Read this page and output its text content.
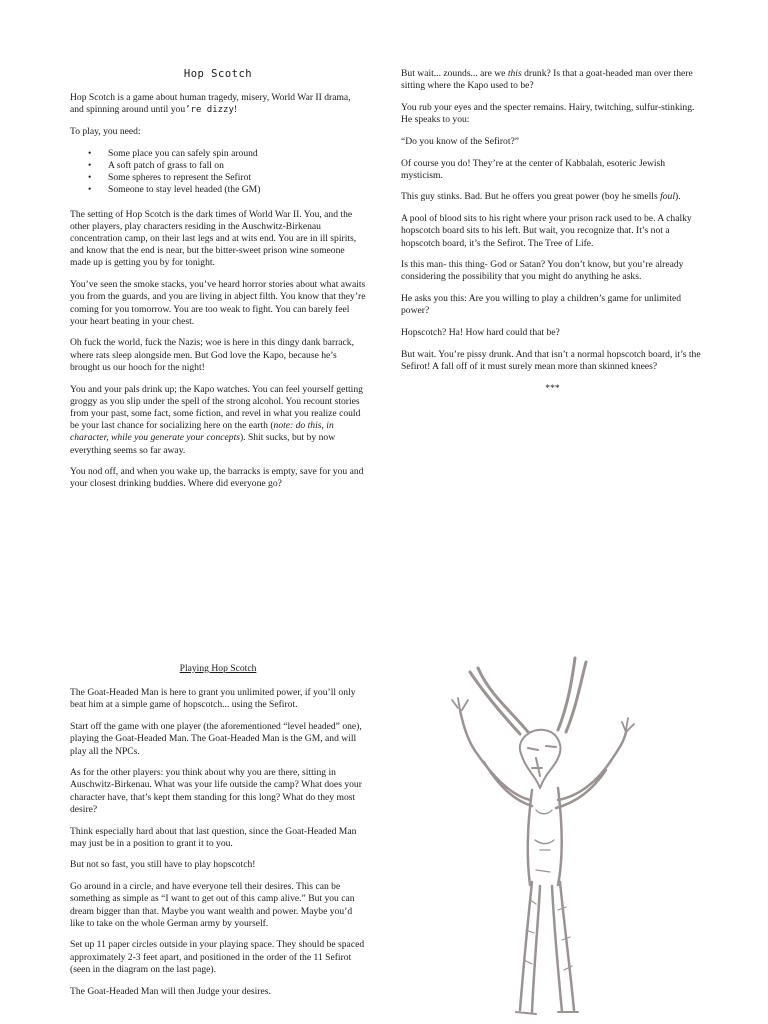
Hop Scotch

Hop Scotch is a game about human tragedy, misery, World War II drama, and spinning around until you’re dizzy!

To play, you need:

• Some place you can safely spin around
• A soft patch of grass to fall on
• Some spheres to represent the Sefirot
• Someone to stay level headed (the GM)

The setting of Hop Scotch is the dark times of World War II. You, and the other players, play characters residing in the Auschwitz-Birkenau concentration camp, on their last legs and at wits end. You are in ill spirits, and know that the end is near, but the bitter-sweet prison wine someone made up is getting you by for tonight.

You’ve seen the smoke stacks, you’ve heard horror stories about what awaits you from the guards, and you are living in abject filth. You know that they’re coming for you tomorrow. You are too weak to fight. You can barely feel your heart beating in your chest.

Oh fuck the world, fuck the Nazis; woe is here in this dingy dank barrack, where rats sleep alongside men. But God love the Kapo, because he’s brought us our hooch for the night!

You and your pals drink up; the Kapo watches. You can feel yourself getting groggy as you slip under the spell of the strong alcohol. You recount stories from your past, some fact, some fiction, and revel in what you realize could be your last chance for socializing here on the earth (note: do this, in character, while you generate your concepts). Shit sucks, but by now everything seems so far away.

You nod off, and when you wake up, the barracks is empty, save for you and your closest drinking buddies. Where did everyone go?

But wait... zounds... are we this drunk? Is that a goat-headed man over there sitting where the Kapo used to be?

You rub your eyes and the specter remains. Hairy, twitching, sulfur-stinking. He speaks to you:

“Do you know of the Sefirot?”

Of course you do! They’re at the center of Kabbalah, esoteric Jewish mysticism.

This guy stinks. Bad. But he offers you great power (boy he smells foul).

A pool of blood sits to his right where your prison rack used to be. A chalky hopscotch board sits to his left. But wait, you recognize that. It’s not a hopscotch board, it’s the Sefirot. The Tree of Life.

Is this man- this thing- God or Satan? You don’t know, but you’re already considering the possibility that you might do anything he asks.

He asks you this: Are you willing to play a children’s game for unlimited power?

Hopscotch? Ha! How hard could that be?

But wait. You’re pissy drunk. And that isn’t a normal hopscotch board, it’s the Sefirot! A fall off of it must surely mean more than skinned knees?

***
Playing Hop Scotch

The Goat-Headed Man is here to grant you unlimited power, if you’ll only beat him at a simple game of hopscotch... using the Sefirot.

Start off the game with one player (the aforementioned “level headed” one), playing the Goat-Headed Man. The Goat-Headed Man is the GM, and will play all the NPCs.

As for the other players: you think about why you are there, sitting in Auschwitz-Birkenau. What was your life outside the camp? What does your character have, that’s kept them standing for this long? What do they most desire?

Think especially hard about that last question, since the Goat-Headed Man may just be in a position to grant it to you.

But not so fast, you still have to play hopscotch!

Go around in a circle, and have everyone tell their desires. This can be something as simple as “I want to get out of this camp alive.” But you can dream bigger than that. Maybe you want wealth and power. Maybe you’d like to take on the whole German army by yourself.

Set up 11 paper circles outside in your playing space. They should be spaced approximately 2-3 feet apart, and positioned in the order of the 11 Sefirot (seen in the diagram on the last page).

The Goat-Headed Man will then Judge your desires.
